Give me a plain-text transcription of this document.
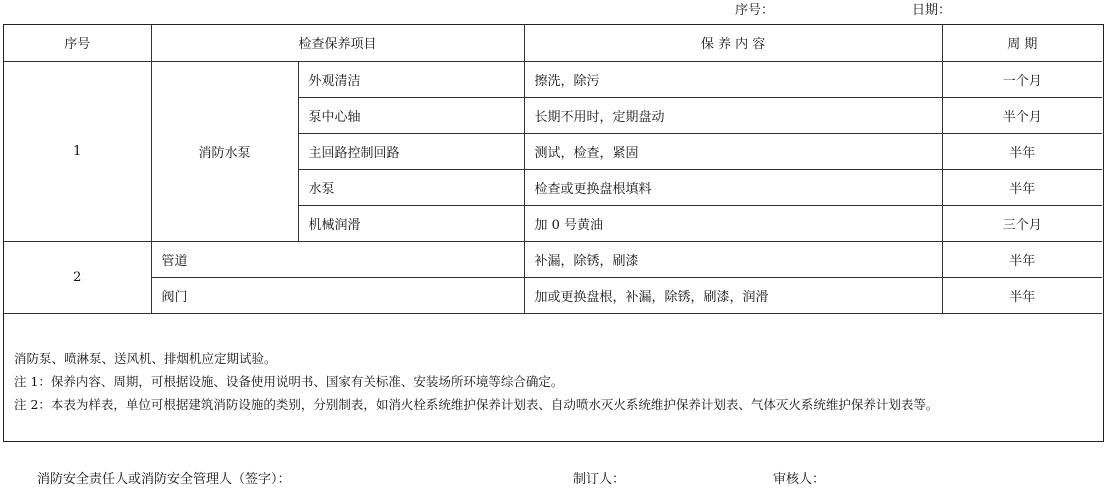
序号：	日期：
序号	检查保养项目		保 养 内 容	周 期
1	消防水泵	外观清洁	擦洗，除污	一个月
		泵中心轴	长期不用时，定期盘动	半个月
		主回路控制回路	测试，检查，紧固	半年
		水泵	检查或更换盘根填料	半年
		机械润滑	加 0 号黄油	三个月
2	管道		补漏，除锈，刷漆	半年
	阀门		加或更换盘根，补漏，除锈，刷漆，润滑	半年
消防泵、喷淋泵、送风机、排烟机应定期试验。
注 1：保养内容、周期，可根据设施、设备使用说明书、国家有关标准、安装场所环境等综合确定。
注 2：本表为样表，单位可根据建筑消防设施的类别，分别制表，如消火栓系统维护保养计划表、自动喷水灭火系统维护保养计划表、气体灭火系统维护保养计划表等。
消防安全责任人或消防安全管理人（签字）：	制订人：	审核人：
